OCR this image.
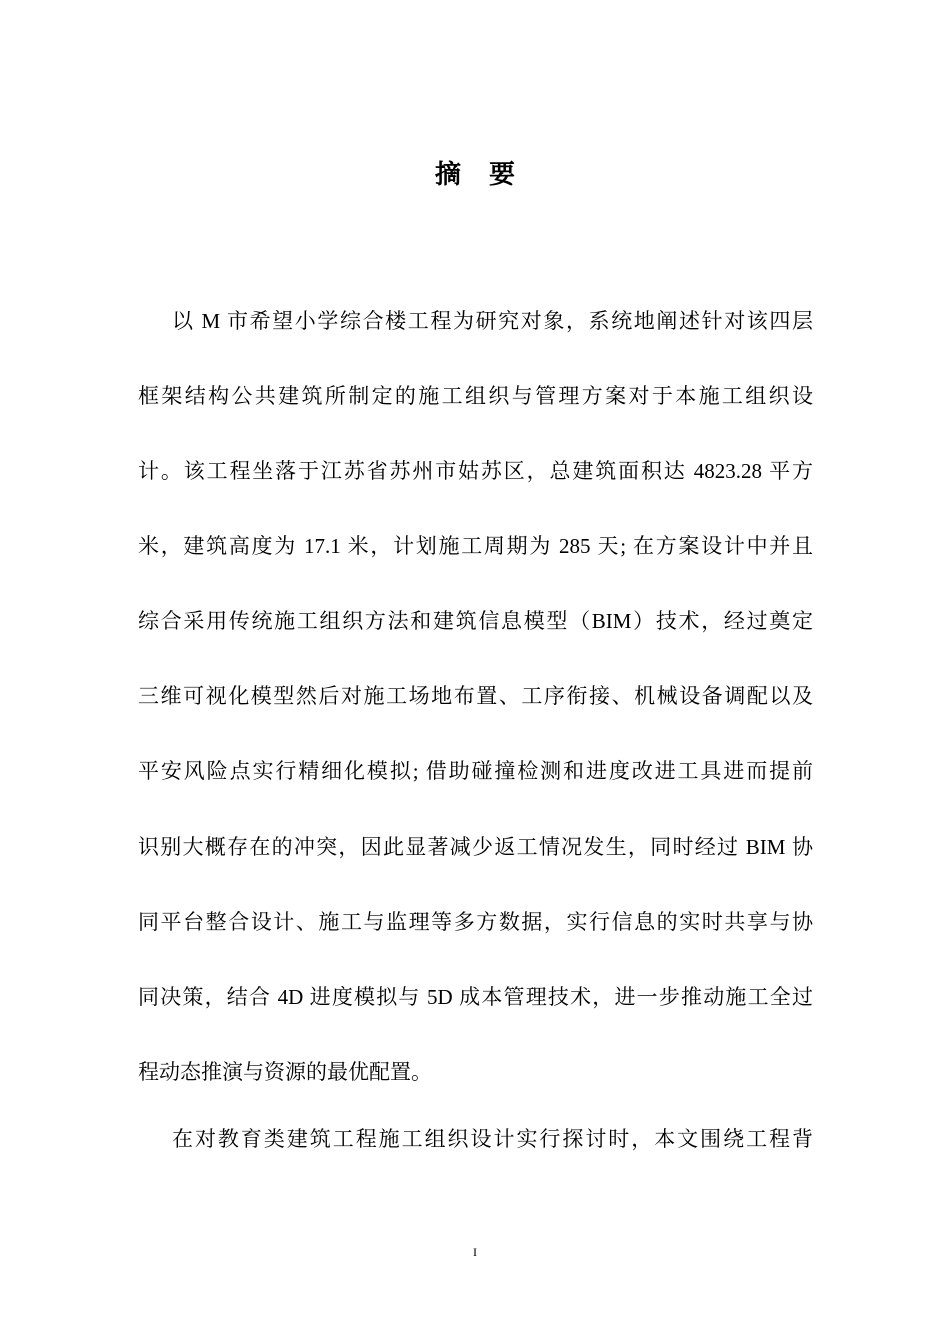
摘要
以 M 市希望小学综合楼工程为研究对象，系统地阐述针对该四层
框架结构公共建筑所制定的施工组织与管理方案对于本施工组织设
计。该工程坐落于江苏省苏州市姑苏区，总建筑面积达 4823.28 平方
米，建筑高度为 17.1 米，计划施工周期为 285 天; 在方案设计中并且
综合采用传统施工组织方法和建筑信息模型（BIM）技术，经过奠定
三维可视化模型然后对施工场地布置、工序衔接、机械设备调配以及
平安风险点实行精细化模拟; 借助碰撞检测和进度改进工具进而提前
识别大概存在的冲突，因此显著减少返工情况发生，同时经过 BIM 协
同平台整合设计、施工与监理等多方数据，实行信息的实时共享与协
同决策，结合 4D 进度模拟与 5D 成本管理技术，进一步推动施工全过
程动态推演与资源的最优配置。
在对教育类建筑工程施工组织设计实行探讨时，本文围绕工程背
I
